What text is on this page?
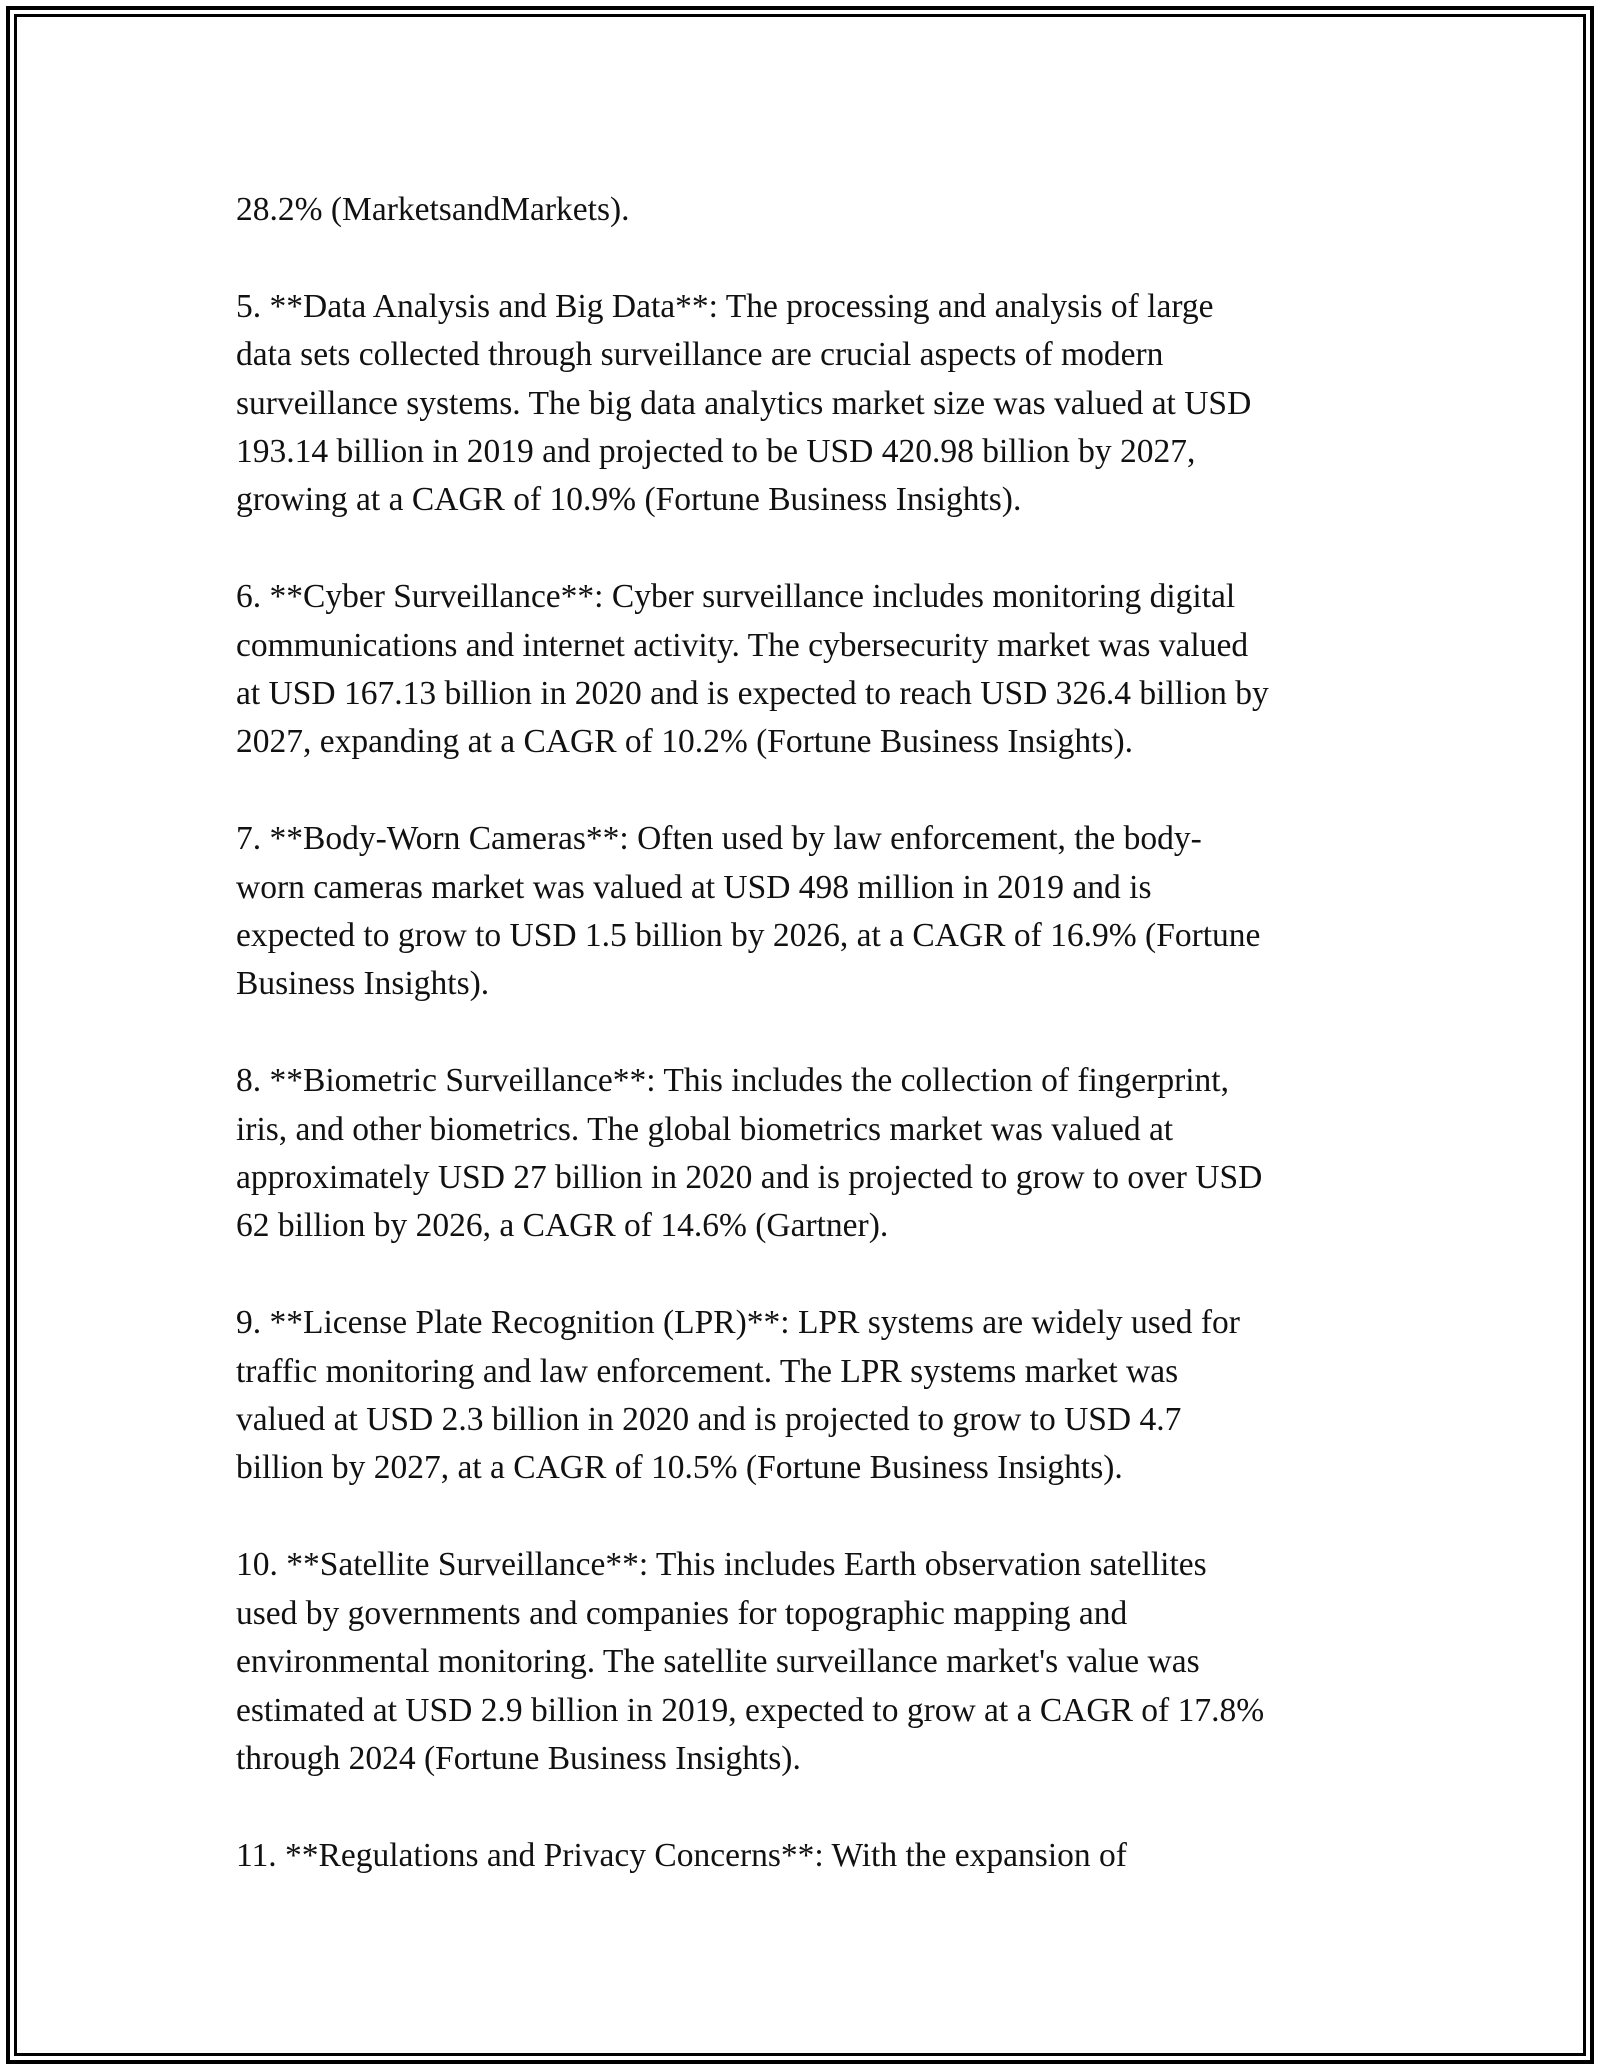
28.2% (MarketsandMarkets).
5. **Data Analysis and Big Data**: The processing and analysis of large
data sets collected through surveillance are crucial aspects of modern
surveillance systems. The big data analytics market size was valued at USD
193.14 billion in 2019 and projected to be USD 420.98 billion by 2027,
growing at a CAGR of 10.9% (Fortune Business Insights).
6. **Cyber Surveillance**: Cyber surveillance includes monitoring digital
communications and internet activity. The cybersecurity market was valued
at USD 167.13 billion in 2020 and is expected to reach USD 326.4 billion by
2027, expanding at a CAGR of 10.2% (Fortune Business Insights).
7. **Body-Worn Cameras**: Often used by law enforcement, the body-
worn cameras market was valued at USD 498 million in 2019 and is
expected to grow to USD 1.5 billion by 2026, at a CAGR of 16.9% (Fortune
Business Insights).
8. **Biometric Surveillance**: This includes the collection of fingerprint,
iris, and other biometrics. The global biometrics market was valued at
approximately USD 27 billion in 2020 and is projected to grow to over USD
62 billion by 2026, a CAGR of 14.6% (Gartner).
9. **License Plate Recognition (LPR)**: LPR systems are widely used for
traffic monitoring and law enforcement. The LPR systems market was
valued at USD 2.3 billion in 2020 and is projected to grow to USD 4.7
billion by 2027, at a CAGR of 10.5% (Fortune Business Insights).
10. **Satellite Surveillance**: This includes Earth observation satellites
used by governments and companies for topographic mapping and
environmental monitoring. The satellite surveillance market's value was
estimated at USD 2.9 billion in 2019, expected to grow at a CAGR of 17.8%
through 2024 (Fortune Business Insights).
11. **Regulations and Privacy Concerns**: With the expansion of
